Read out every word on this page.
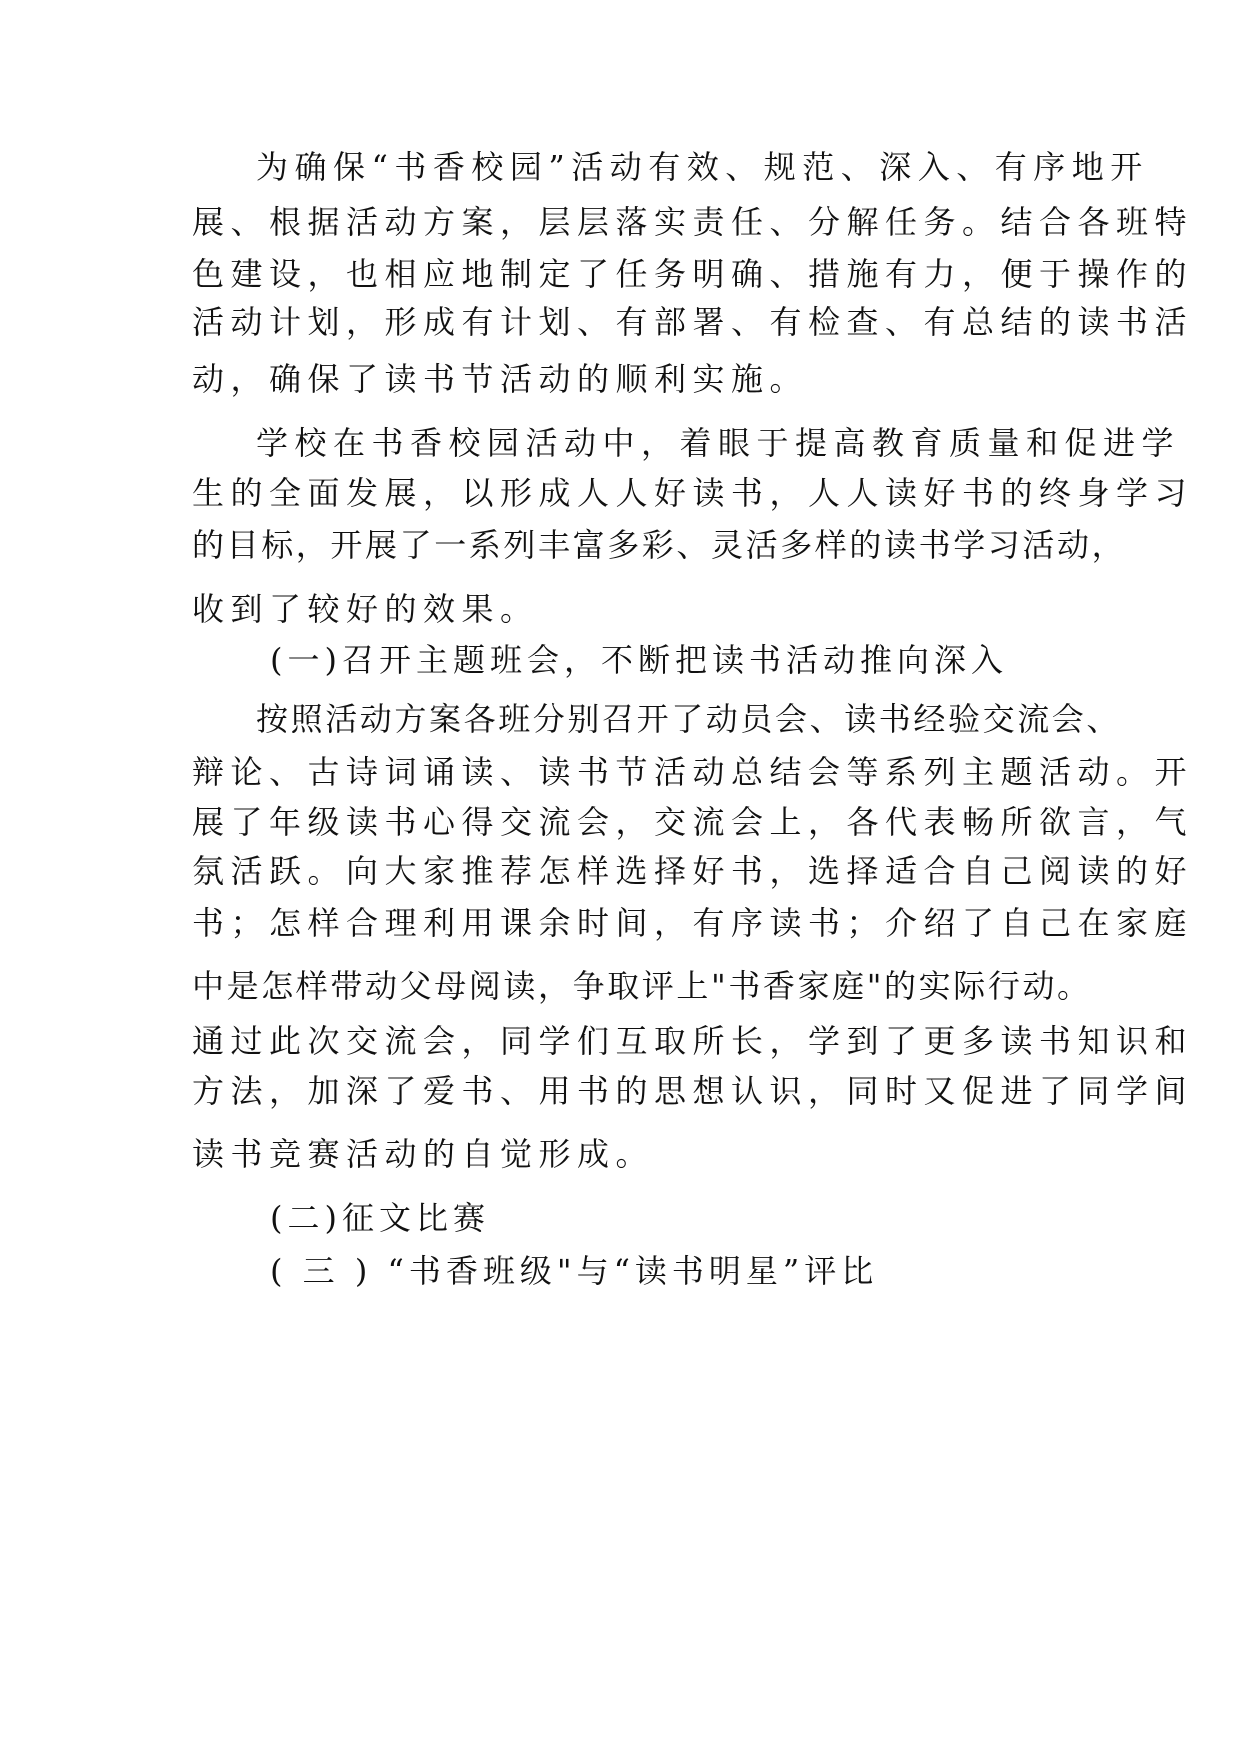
为确保“书香校园”活动有效、规范、深入、有序地开
展、根据活动方案，层层落实责任、分解任务。结合各班特
色建设，也相应地制定了任务明确、措施有力，便于操作的
活动计划，形成有计划、有部署、有检查、有总结的读书活
动，确保了读书节活动的顺利实施。
学校在书香校园活动中，着眼于提高教育质量和促进学
生的全面发展，以形成人人好读书，人人读好书的终身学习
的目标，开展了一系列丰富多彩、灵活多样的读书学习活动，
收到了较好的效果。
(一)召开主题班会，不断把读书活动推向深入
按照活动方案各班分别召开了动员会、读书经验交流会、
辩论、古诗词诵读、读书节活动总结会等系列主题活动。开
展了年级读书心得交流会，交流会上，各代表畅所欲言，气
氛活跃。向大家推荐怎样选择好书，选择适合自己阅读的好
书；怎样合理利用课余时间，有序读书；介绍了自己在家庭
中是怎样带动父母阅读，争取评上"书香家庭"的实际行动。
通过此次交流会，同学们互取所长，学到了更多读书知识和
方法，加深了爱书、用书的思想认识，同时又促进了同学间
读书竞赛活动的自觉形成。
(二)征文比赛
( 三 ) “书香班级"与“读书明星”评比
